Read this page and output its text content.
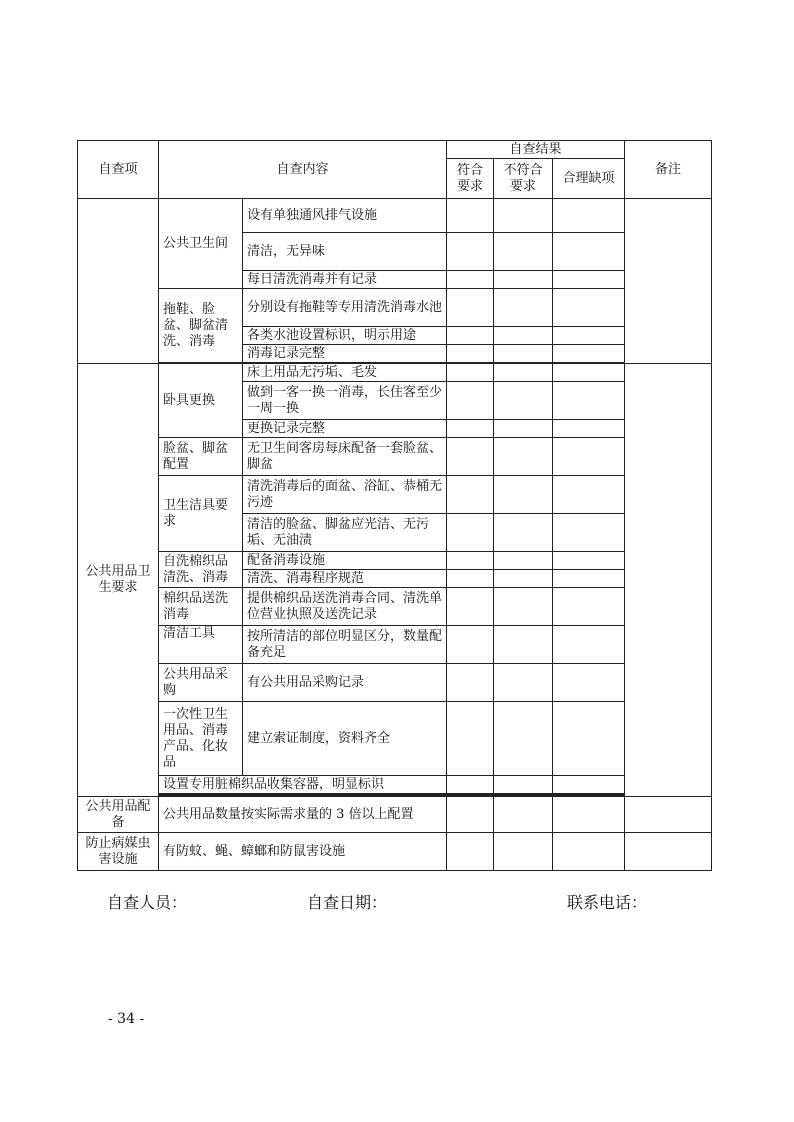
自查项	自查内容		自查结果			备注
			符合要求	不符合要求	合理缺项	
	公共卫生间	设有单独通风排气设施				
		清洁，无异味				
		每日清洗消毒并有记录				
	拖鞋、脸盆、脚盆清洗、消毒	分别设有拖鞋等专用清洗消毒水池				
		各类水池设置标识，明示用途				
		消毒记录完整				

公共用品卫生要求	卧具更换	床上用品无污垢、毛发				
		做到一客一换一消毒，长住客至少一周一换				
		更换记录完整				
	脸盆、脚盆配置	无卫生间客房每床配备一套脸盆、脚盆				
	卫生洁具要求	清洗消毒后的面盆、浴缸、恭桶无污迹				
		清洁的脸盆、脚盆应光洁、无污垢、无油渍				
	自洗棉织品清洗、消毒	配备消毒设施				
		清洗、消毒程序规范				
	棉织品送洗消毒	提供棉织品送洗消毒合同、清洗单位营业执照及送洗记录				
	清洁工具	按所清洁的部位明显区分，数量配备充足				
	公共用品采购	有公共用品采购记录				
	一次性卫生用品、消毒产品、化妆品	建立索证制度，资料齐全				
	设置专用脏棉织品收集容器，明显标识					

公共用品配备	公共用品数量按实际需求量的 3 倍以上配置					
防止病媒虫害设施	有防蚊、蝇、蟑螂和防鼠害设施					
自查人员：	自查日期：	联系电话：
- 34 -
